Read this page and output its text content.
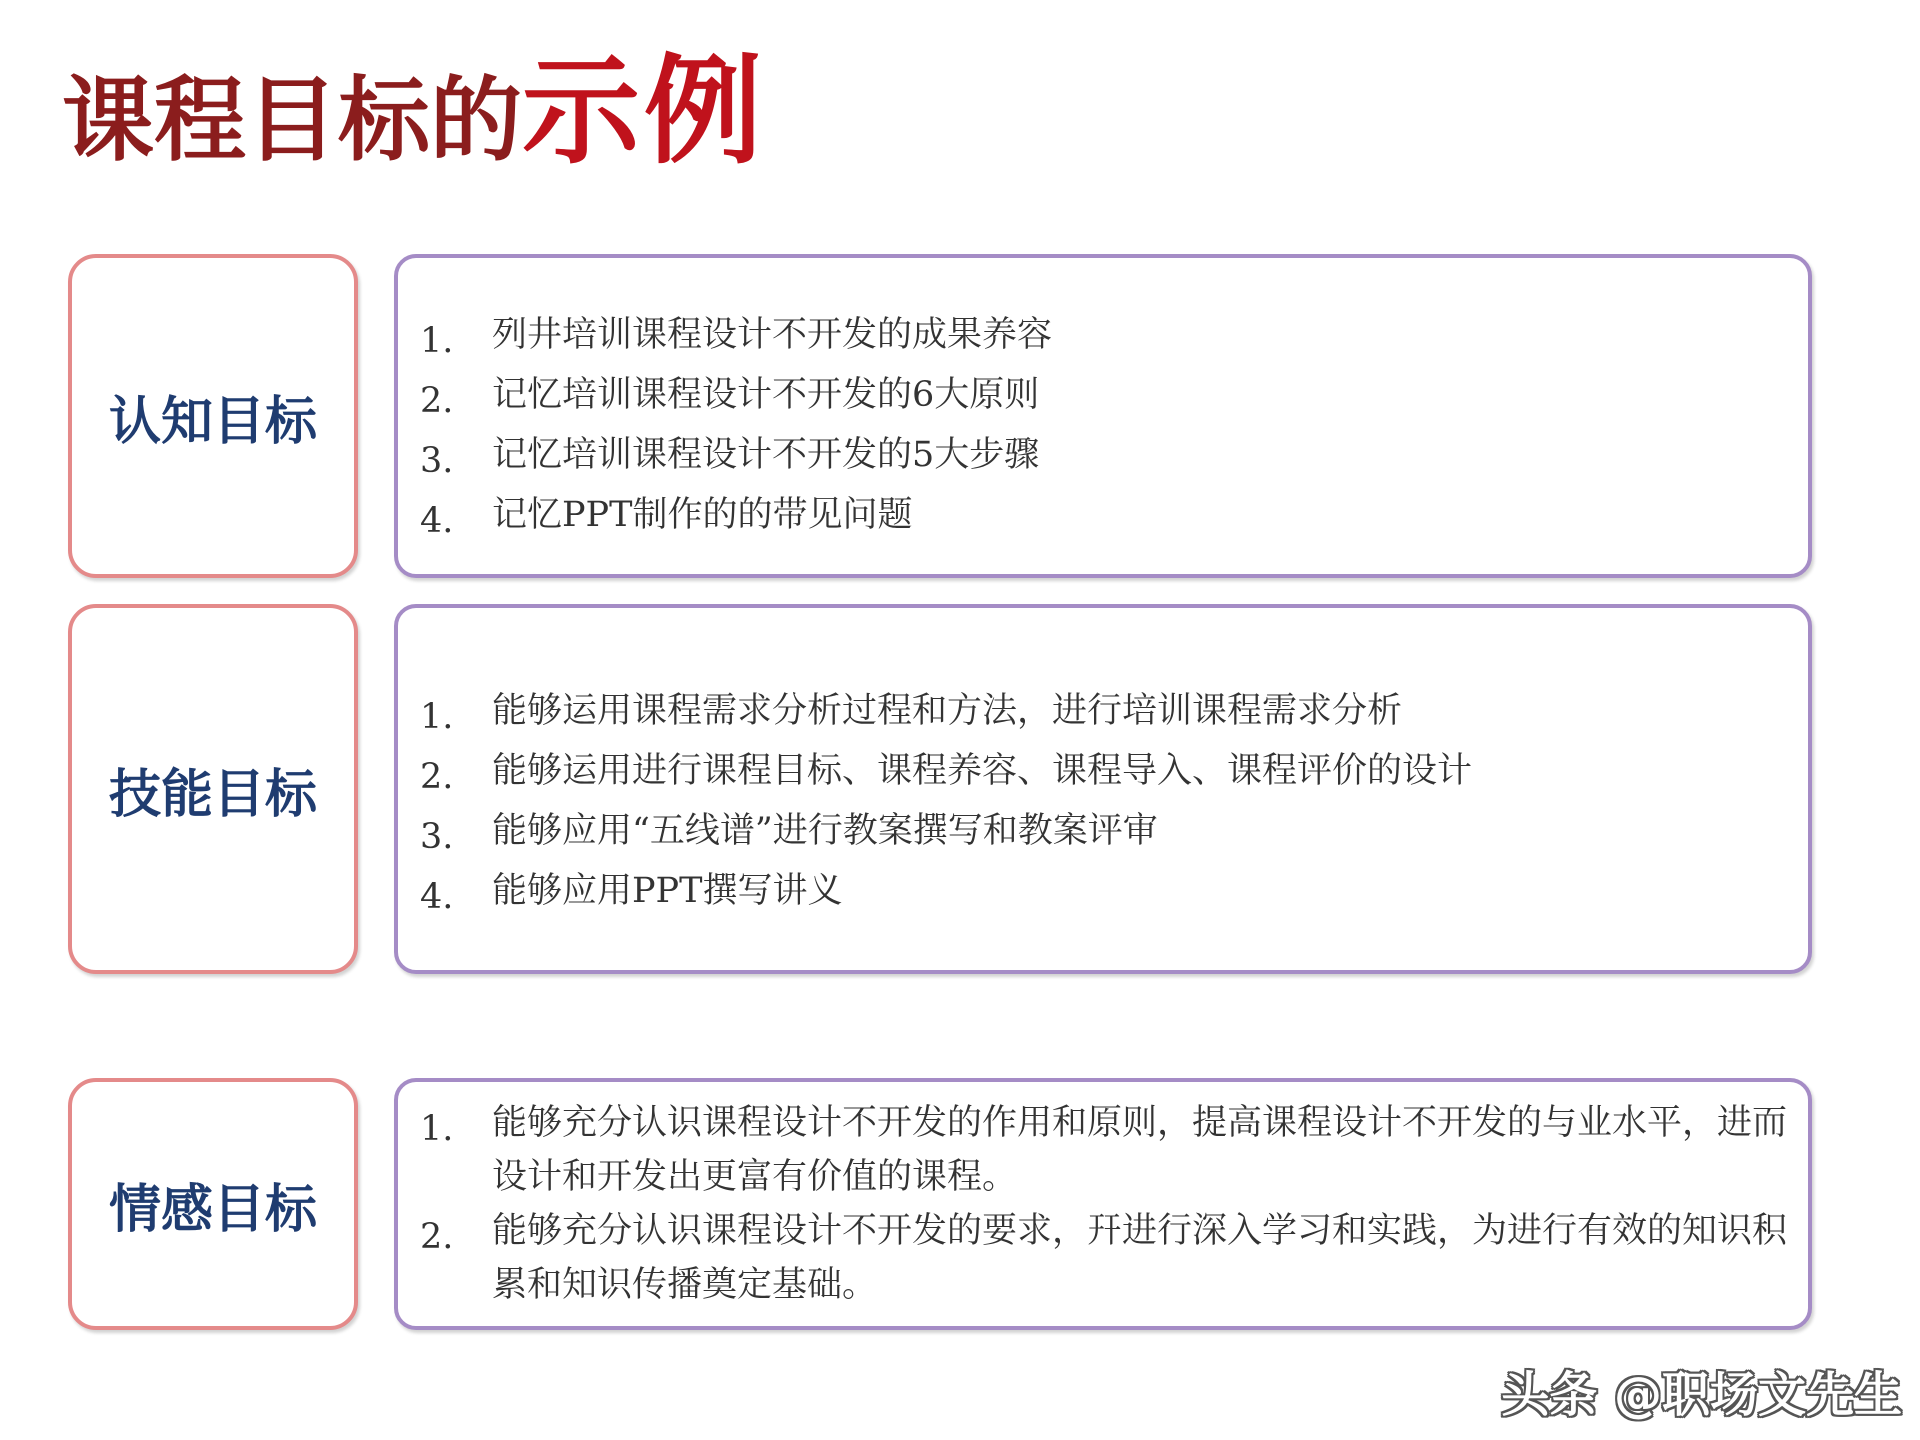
课程目标的示例
认知目标
1.	列井培训课程设计不开发的成果养容
2.	记忆培训课程设计不开发的6大原则
3.	记忆培训课程设计不开发的5大步骤
4.	记忆PPT制作的的带见问题
技能目标
1.	能够运用课程需求分析过程和方法，进行培训课程需求分析
2.	能够运用进行课程目标、课程养容、课程导入、课程评价的设计
3.	能够应用“五线谱”进行教案撰写和教案评审
4.	能够应用PPT撰写讲义
情感目标
1.	能够充分认识课程设计不开发的作用和原则，提高课程设计不开发的与业水平，进而设计和开发出更富有价值的课程。
2.	能够充分认识课程设计不开发的要求，幵进行深入学习和实践，为进行有效的知识积累和知识传播奠定基础。
头条 @职场文先生
